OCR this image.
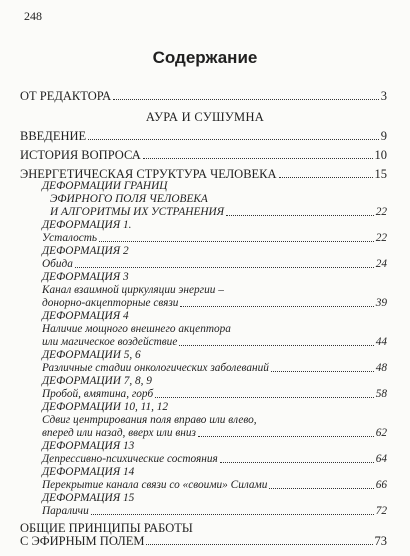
248
Содержание
ОТ РЕДАКТОРА	3
АУРА И СУШУМНА
ВВЕДЕНИЕ	9
ИСТОРИЯ ВОПРОСА	10
ЭНЕРГЕТИЧЕСКАЯ СТРУКТУРА ЧЕЛОВЕКА	15
ДЕФОРМАЦИИ ГРАНИЦ
ЭФИРНОГО ПОЛЯ ЧЕЛОВЕКА
И АЛГОРИТМЫ ИХ УСТРАНЕНИЯ	22
ДЕФОРМАЦИЯ 1.
Усталость	22
ДЕФОРМАЦИЯ 2
Обида	24
ДЕФОРМАЦИЯ 3
Канал взаимной циркуляции энергии –
донорно-акцепторные связи	39
ДЕФОРМАЦИЯ 4
Наличие мощного внешнего акцептора
или магическое воздействие	44
ДЕФОРМАЦИИ 5, 6
Различные стадии онкологических заболеваний	48
ДЕФОРМАЦИИ 7, 8, 9
Пробой, вмятина, горб	58
ДЕФОРМАЦИИ 10, 11, 12
Сдвиг центрирования поля вправо или влево,
вперед или назад, вверх или вниз	62
ДЕФОРМАЦИЯ 13
Депрессивно-психические состояния	64
ДЕФОРМАЦИЯ 14
Перекрытие канала связи со «своими» Силами	66
ДЕФОРМАЦИЯ 15
Параличи	72
ОБЩИЕ ПРИНЦИПЫ РАБОТЫ
С ЭФИРНЫМ ПОЛЕМ	73
